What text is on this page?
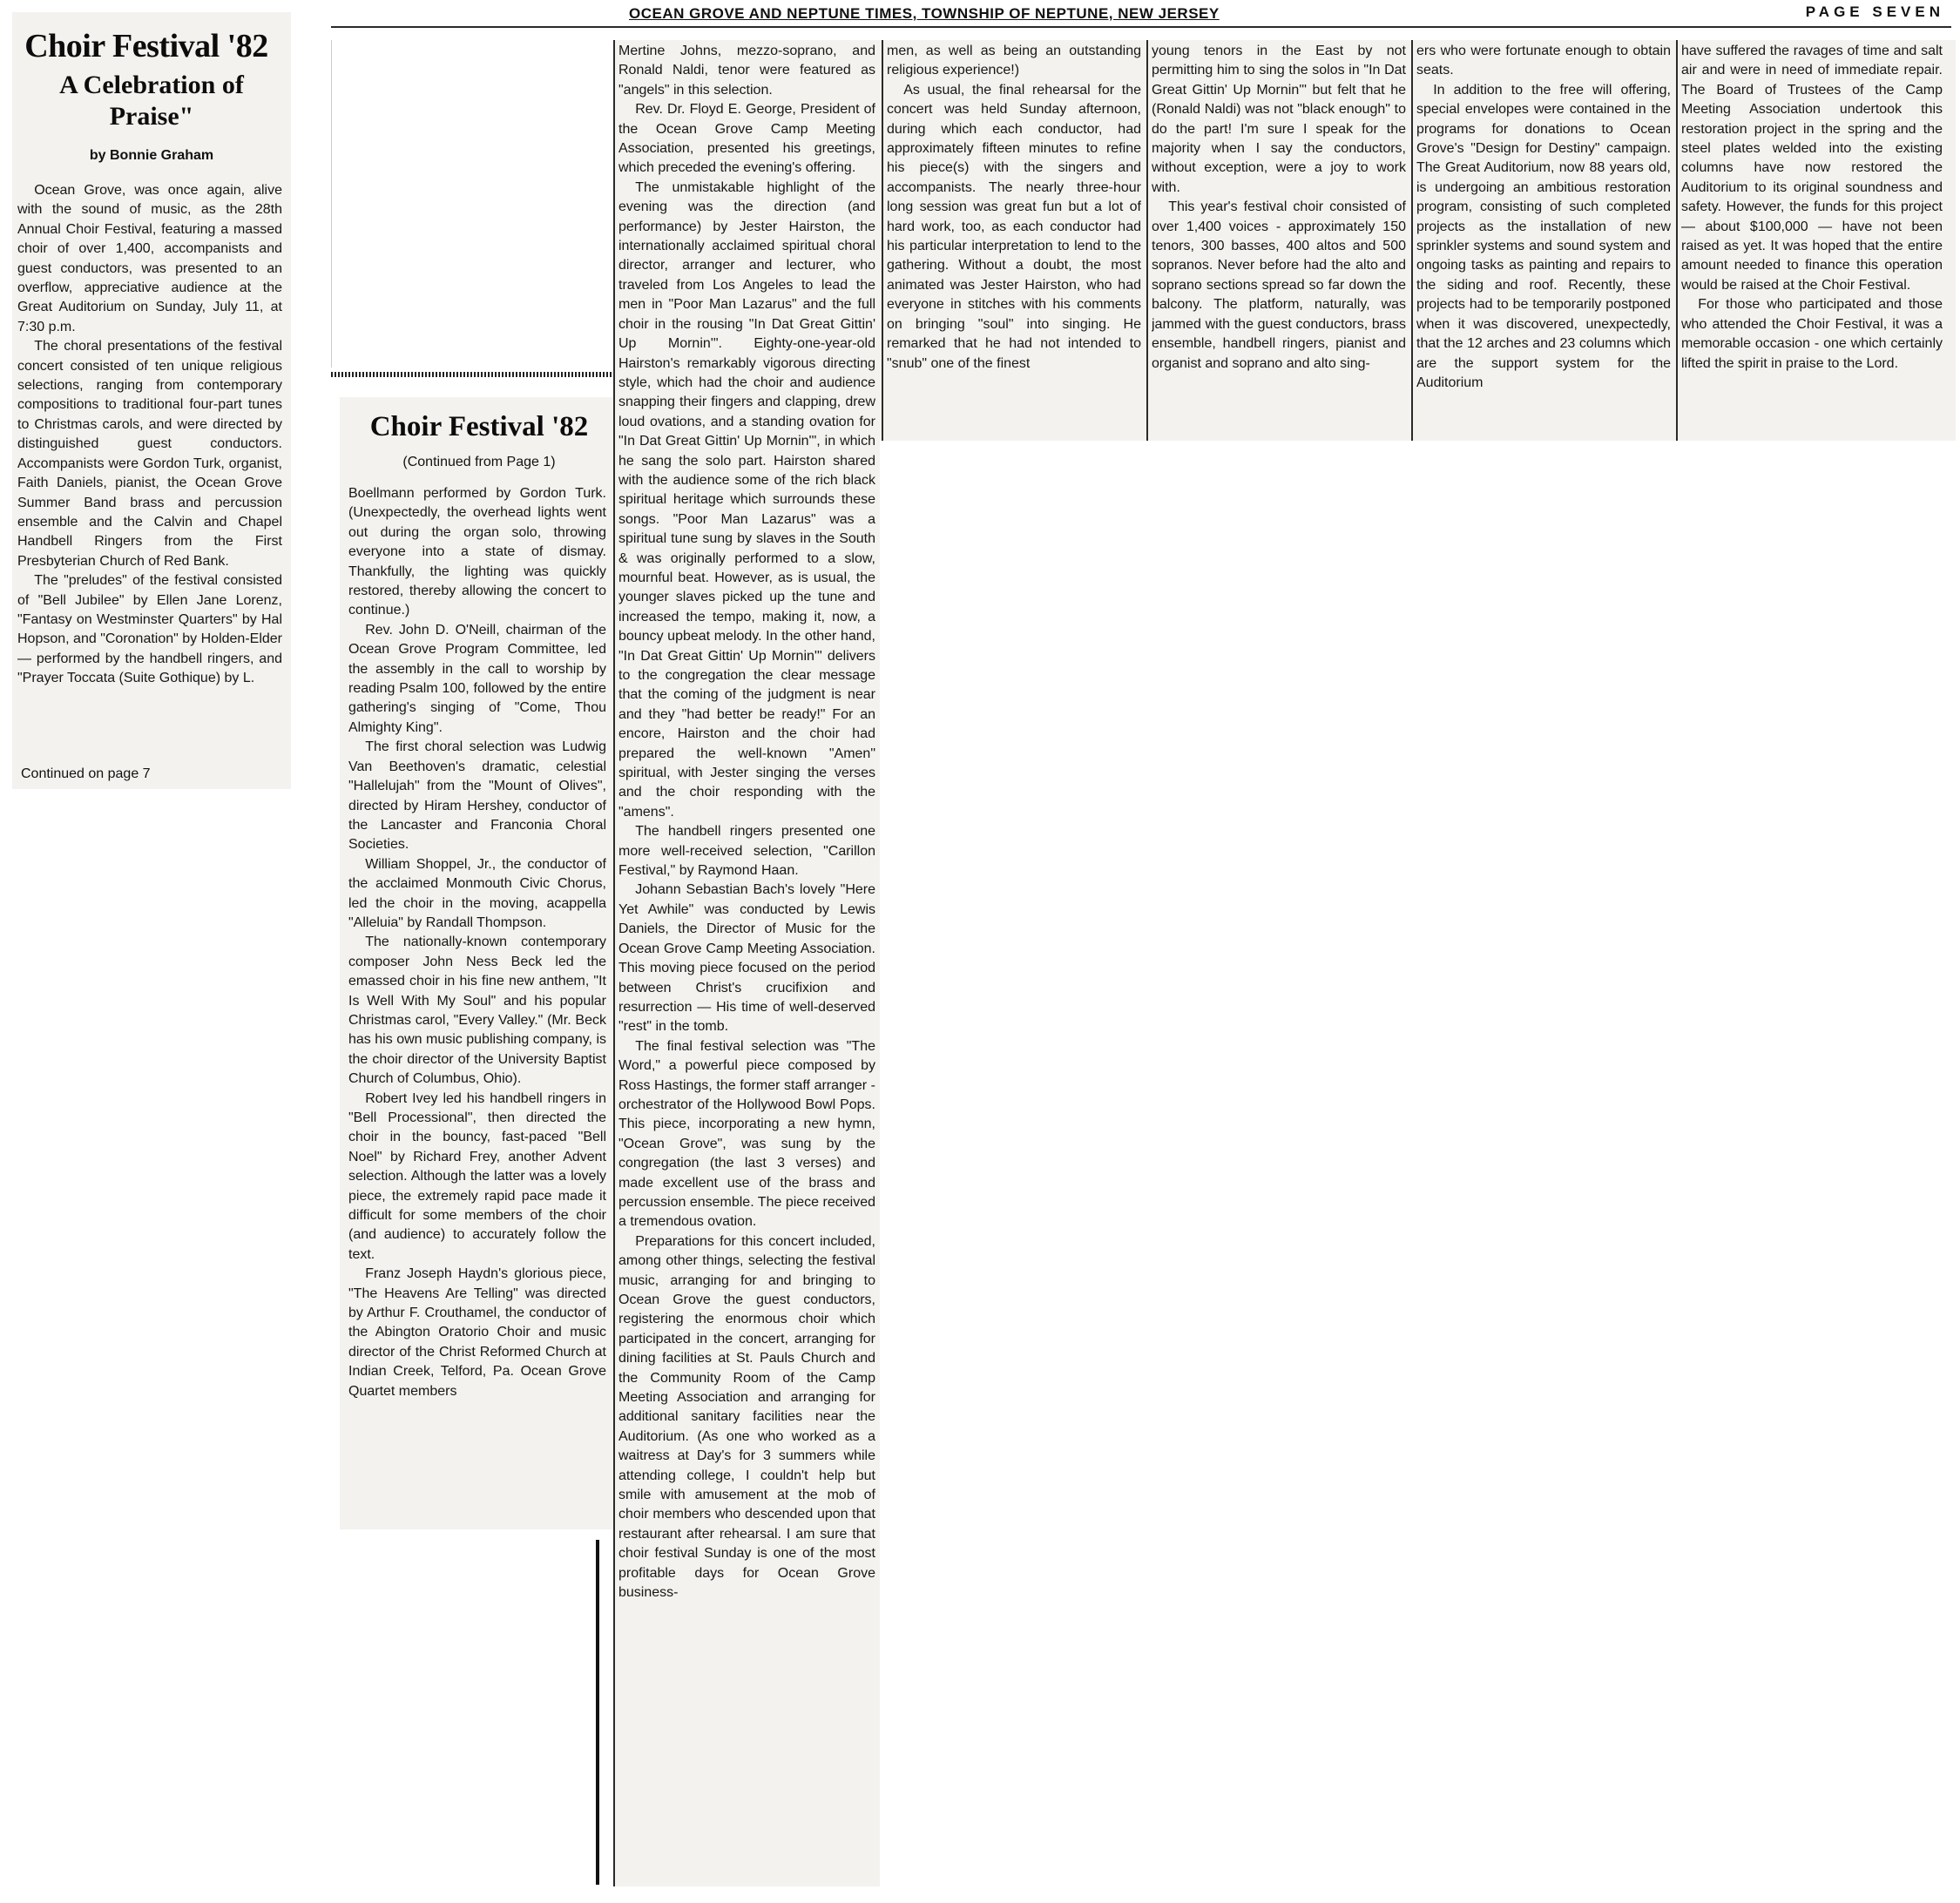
Choir Festival '82
A Celebration of Praise"
by Bonnie Graham

Ocean Grove, was once again, alive with the sound of music, as the 28th Annual Choir Festival, featuring a massed choir of over 1,400, accompanists and guest conductors, was presented to an overflow, appreciative audience at the Great Auditorium on Sunday, July 11, at 7:30 p.m.

The choral presentations of the festival concert consisted of ten unique religious selections, ranging from contemporary compositions to traditional four-part tunes to Christmas carols, and were directed by distinguished guest conductors. Accompanists were Gordon Turk, organist, Faith Daniels, pianist, the Ocean Grove Summer Band brass and percussion ensemble and the Calvin and Chapel Handbell Ringers from the First Presbyterian Church of Red Bank.

The "preludes" of the festival consisted of "Bell Jubilee" by Ellen Jane Lorenz, "Fantasy on Westminster Quarters" by Hal Hopson, and "Coronation" by Holden-Elder — performed by the handbell ringers, and "Prayer Toccata (Suite Gothique) by L.

Continued on page 7
OCEAN GROVE AND NEPTUNE TIMES, TOWNSHIP OF NEPTUNE, NEW JERSEY	PAGE SEVEN
Choir Festival '82
(Continued from Page 1)

Boellmann performed by Gordon Turk. (Unexpectedly, the overhead lights went out during the organ solo, throwing everyone into a state of dismay. Thankfully, the lighting was quickly restored, thereby allowing the concert to continue.)

Rev. John D. O'Neill, chairman of the Ocean Grove Program Committee, led the assembly in the call to worship by reading Psalm 100, followed by the entire gathering's singing of "Come, Thou Almighty King".

The first choral selection was Ludwig Van Beethoven's dramatic, celestial "Hallelujah" from the "Mount of Olives", directed by Hiram Hershey, conductor of the Lancaster and Franconia Choral Societies.

William Shoppel, Jr., the conductor of the acclaimed Monmouth Civic Chorus, led the choir in the moving, acappella "Alleluia" by Randall Thompson.

The nationally-known contemporary composer John Ness Beck led the emassed choir in his fine new anthem, "It Is Well With My Soul" and his popular Christmas carol, "Every Valley." (Mr. Beck has his own music publishing company, is the choir director of the University Baptist Church of Columbus, Ohio).

Robert Ivey led his handbell ringers in "Bell Processional", then directed the choir in the bouncy, fast-paced "Bell Noel" by Richard Frey, another Advent selection. Although the latter was a lovely piece, the extremely rapid pace made it difficult for some members of the choir (and audience) to accurately follow the text.

Franz Joseph Haydn's glorious piece, "The Heavens Are Telling" was directed by Arthur F. Crouthamel, the conductor of the Abington Oratorio Choir and music director of the Christ Reformed Church at Indian Creek, Telford, Pa. Ocean Grove Quartet members

Mertine Johns, mezzo-soprano, and Ronald Naldi, tenor were featured as "angels" in this selection.

Rev. Dr. Floyd E. George, President of the Ocean Grove Camp Meeting Association, presented his greetings, which preceded the evening's offering.

The unmistakable highlight of the evening was the direction (and performance) by Jester Hairston, the internationally acclaimed spiritual choral director, arranger and lecturer, who traveled from Los Angeles to lead the men in "Poor Man Lazarus" and the full choir in the rousing "In Dat Great Gittin' Up Mornin'". Eighty-one-year-old Hairston's remarkably vigorous directing style, which had the choir and audience snapping their fingers and clapping, drew loud ovations, and a standing ovation for "In Dat Great Gittin' Up Mornin'", in which he sang the solo part. Hairston shared with the audience some of the rich black spiritual heritage which surrounds these songs. "Poor Man Lazarus" was a spiritual tune sung by slaves in the South & was originally performed to a slow, mournful beat. However, as is usual, the younger slaves picked up the tune and increased the tempo, making it, now, a bouncy upbeat melody. In the other hand, "In Dat Great Gittin' Up Mornin'" delivers to the congregation the clear message that the coming of the judgment is near and they "had better be ready!" For an encore, Hairston and the choir had prepared the well-known "Amen" spiritual, with Jester singing the verses and the choir responding with the "amens".

The handbell ringers presented one more well-received selection, "Carillon Festival," by Raymond Haan.

Johann Sebastian Bach's lovely "Here Yet Awhile" was conducted by Lewis Daniels, the Director of Music for the Ocean Grove Camp Meeting Association. This moving piece focused on the period between Christ's crucifixion and resurrection — His time of well-deserved "rest" in the tomb.

The final festival selection was "The Word," a powerful piece composed by Ross Hastings, the former staff arranger - orchestrator of the Hollywood Bowl Pops. This piece, incorporating a new hymn, "Ocean Grove", was sung by the congregation (the last 3 verses) and made excellent use of the brass and percussion ensemble. The piece received a tremendous ovation.

Preparations for this concert included, among other things, selecting the festival music, arranging for and bringing to Ocean Grove the guest conductors, registering the enormous choir which participated in the concert, arranging for dining facilities at St. Pauls Church and the Community Room of the Camp Meeting Association and arranging for additional sanitary facilities near the Auditorium. (As one who worked as a waitress at Day's for 3 summers while attending college, I couldn't help but smile with amusement at the mob of choir members who descended upon that restaurant after rehearsal. I am sure that choir festival Sunday is one of the most profitable days for Ocean Grove business-

men, as well as being an outstanding religious experience!)

As usual, the final rehearsal for the concert was held Sunday afternoon, during which each conductor, had approximately fifteen minutes to refine his piece(s) with the singers and accompanists. The nearly three-hour long session was great fun but a lot of hard work, too, as each conductor had his particular interpretation to lend to the gathering. Without a doubt, the most animated was Jester Hairston, who had everyone in stitches with his comments on bringing "soul" into singing. He remarked that he had not intended to "snub" one of the finest

young tenors in the East by not permitting him to sing the solos in "In Dat Great Gittin' Up Mornin'" but felt that he (Ronald Naldi) was not "black enough" to do the part! I'm sure I speak for the majority when I say the conductors, without exception, were a joy to work with.

This year's festival choir consisted of over 1,400 voices - approximately 150 tenors, 300 basses, 400 altos and 500 sopranos. Never before had the alto and soprano sections spread so far down the balcony. The platform, naturally, was jammed with the guest conductors, brass ensemble, handbell ringers, pianist and organist and soprano and alto sing-

ers who were fortunate enough to obtain seats.

In addition to the free will offering, special envelopes were contained in the programs for donations to Ocean Grove's "Design for Destiny" campaign. The Great Auditorium, now 88 years old, is undergoing an ambitious restoration program, consisting of such completed projects as the installation of new sprinkler systems and sound system and ongoing tasks as painting and repairs to the siding and roof. Recently, these projects had to be temporarily postponed when it was discovered, unexpectedly, that the 12 arches and 23 columns which are the support system for the Auditorium

have suffered the ravages of time and salt air and were in need of immediate repair. The Board of Trustees of the Camp Meeting Association undertook this restoration project in the spring and the steel plates welded into the existing columns have now restored the Auditorium to its original soundness and safety. However, the funds for this project — about $100,000 — have not been raised as yet. It was hoped that the entire amount needed to finance this operation would be raised at the Choir Festival.

For those who participated and those who attended the Choir Festival, it was a memorable occasion - one which certainly lifted the spirit in praise to the Lord.
